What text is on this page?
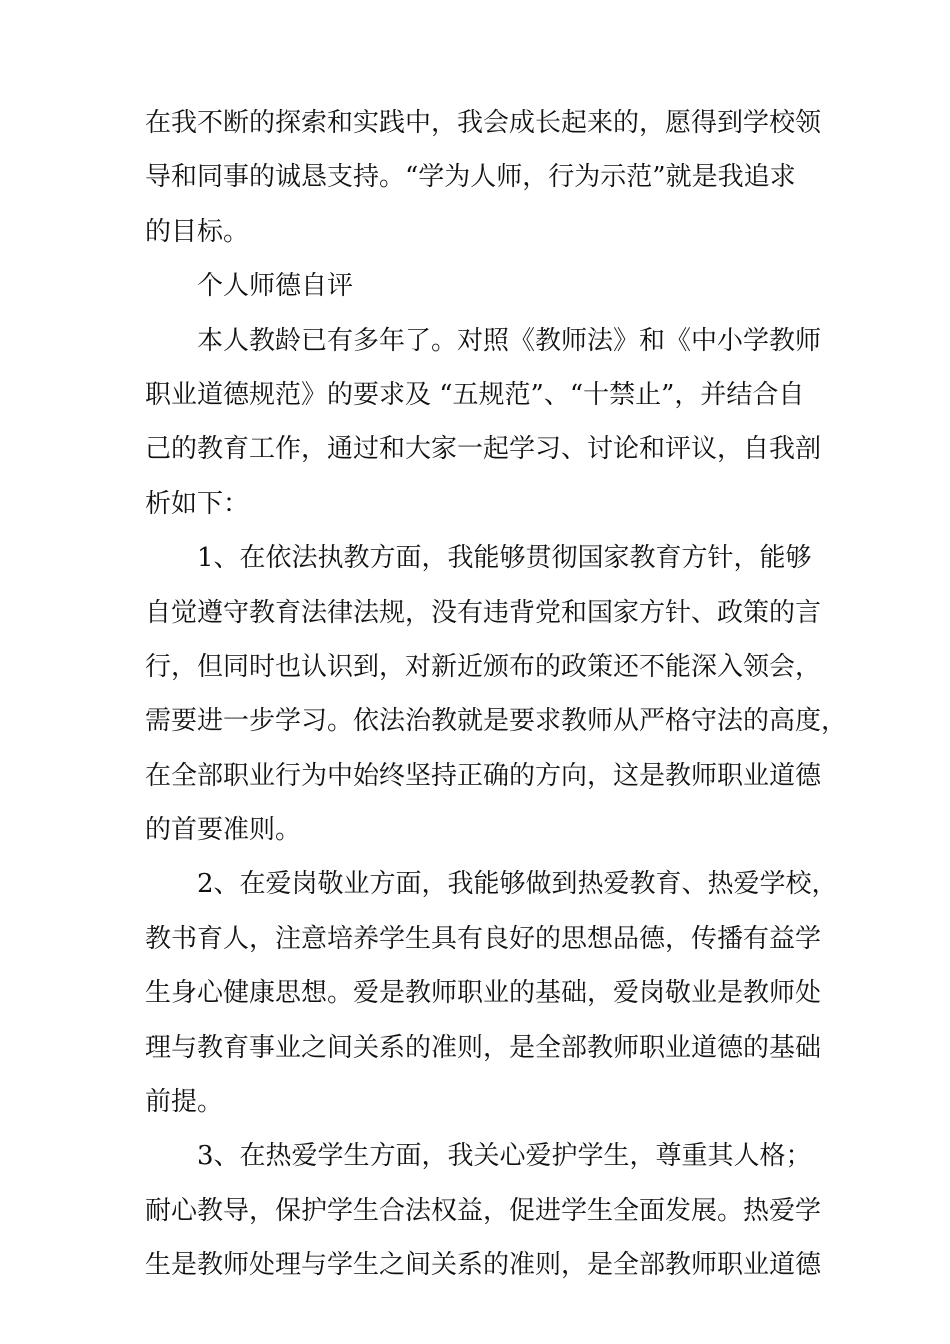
在我不断的探索和实践中，我会成长起来的，愿得到学校领
导和同事的诚恳支持。“学为人师，行为示范”就是我追求
的目标。
个人师德自评
本人教龄已有多年了。对照《教师法》和《中小学教师
职业道德规范》的要求及 “五规范”、“十禁止”，并结合自
己的教育工作，通过和大家一起学习、讨论和评议，自我剖
析如下：
1、在依法执教方面，我能够贯彻国家教育方针，能够
自觉遵守教育法律法规，没有违背党和国家方针、政策的言
行，但同时也认识到，对新近颁布的政策还不能深入领会，
需要进一步学习。依法治教就是要求教师从严格守法的高度，
在全部职业行为中始终坚持正确的方向，这是教师职业道德
的首要准则。
2、在爱岗敬业方面，我能够做到热爱教育、热爱学校，
教书育人，注意培养学生具有良好的思想品德，传播有益学
生身心健康思想。爱是教师职业的基础，爱岗敬业是教师处
理与教育事业之间关系的准则，是全部教师职业道德的基础
前提。
3、在热爱学生方面，我关心爱护学生，尊重其人格；
耐心教导，保护学生合法权益，促进学生全面发展。热爱学
生是教师处理与学生之间关系的准则，是全部教师职业道德
